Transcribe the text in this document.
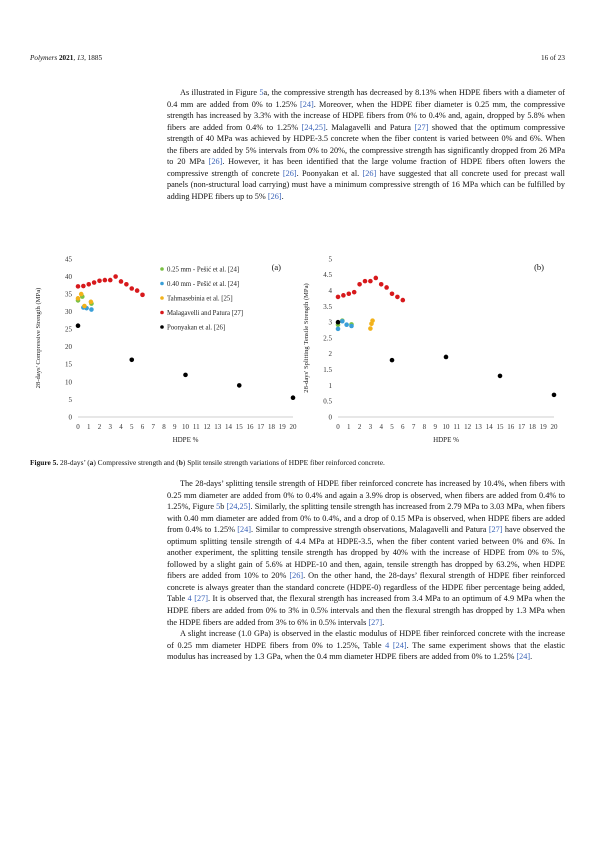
Polymers 2021, 13, 1885	16 of 23

As illustrated in Figure 5a, the compressive strength has decreased by 8.13% when HDPE fibers with a diameter of 0.4 mm are added from 0% to 1.25% [24]. Moreover, when the HDPE fiber diameter is 0.25 mm, the compressive strength has increased by 3.3% with the increase of HDPE fibers from 0% to 0.4% and, again, dropped by 5.8% when fibers are added from 0.4% to 1.25% [24,25]. Malagavelli and Patura [27] showed that the optimum compressive strength of 40 MPa was achieved by HDPE-3.5 concrete when the fiber content is varied between 0% and 6%. When the fibers are added by 5% intervals from 0% to 20%, the compressive strength has significantly dropped from 26 MPa to 20 MPa [26]. However, it has been identified that the large volume fraction of HDPE fibers often lowers the compressive strength of concrete [26]. Poonyakan et al. [26] have suggested that all concrete used for precast wall panels (non-structural load carrying) must have a minimum compressive strength of 16 MPa which can be fulfilled by adding HDPE fibers up to 5% [26].

0
5
10
15
20
25
30
35
40
45
0 1 2 3 4 5 6 7 8 9 10 11 12 13 14 15 16 17 18 19 20
HDPE %
28-days' Compressive Strength (MPa)
(a)
0.25 mm - Pešić et al. [24]
0.40 mm - Pešić et al. [24]
Tahmasebinia et al. [25]
Malagavelli and Patura [27]
Poonyakan et al. [26]
0
0.5
1
1.5
2
2.5
3
3.5
4
4.5
5
0 1 2 3 4 5 6 7 8 9 10 11 12 13 14 15 16 17 18 19 20
HDPE %
28-days' Splitting Tensile Strength (MPa)
(b)
Figure 5. 28-days’ (a) Compressive strength and (b) Split tensile strength variations of HDPE fiber reinforced concrete.

The 28-days’ splitting tensile strength of HDPE fiber reinforced concrete has increased by 10.4%, when fibers with 0.25 mm diameter are added from 0% to 0.4% and again a 3.9% drop is observed, when fibers are added from 0.4% to 1.25%, Figure 5b [24,25]. Similarly, the splitting tensile strength has increased from 2.79 MPa to 3.03 MPa, when fibers with 0.40 mm diameter are added from 0% to 0.4%, and a drop of 0.15 MPa is observed, when HDPE fibers are added from 0.4% to 1.25% [24]. Similar to compressive strength observations, Malagavelli and Patura [27] have observed the optimum splitting tensile strength of 4.4 MPa at HDPE-3.5, when the fiber content varied between 0% and 6%. In another experiment, the splitting tensile strength has dropped by 40% with the increase of HDPE from 0% to 5%, followed by a slight gain of 5.6% at HDPE-10 and then, again, tensile strength has dropped by 63.2%, when HDPE fibers are added from 10% to 20% [26]. On the other hand, the 28-days’ flexural strength of HDPE fiber reinforced concrete is always greater than the standard concrete (HDPE-0) regardless of the HDPE fiber percentage being added, Table 4 [27]. It is observed that, the flexural strength has increased from 3.4 MPa to an optimum of 4.9 MPa when the HDPE fibers are added from 0% to 3% in 0.5% intervals and then the flexural strength has dropped by 1.3 MPa when the HDPE fibers are added from 3% to 6% in 0.5% intervals [27].

A slight increase (1.0 GPa) is observed in the elastic modulus of HDPE fiber reinforced concrete with the increase of 0.25 mm diameter HDPE fibers from 0% to 1.25%, Table 4 [24]. The same experiment shows that the elastic modulus has increased by 1.3 GPa, when the 0.4 mm diameter HDPE fibers are added from 0% to 1.25% [24].
